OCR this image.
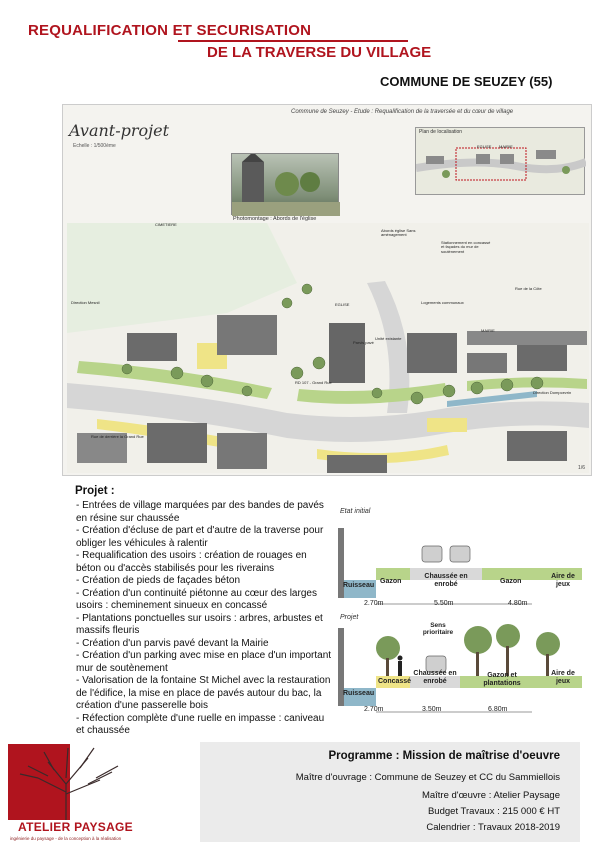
REQUALIFICATION ET SECURISATION
DE LA TRAVERSE DU VILLAGE
COMMUNE DE SEUZEY (55)
Commune de Seuzey - Etude : Requalification de la traversée et du cœur de village
Avant-projet
Echelle : 1/500ème
Photomontage : Abords de l'église
Plan de localisation
EGLISE MAIRIE
CIMETIERE
EGLISE
MAIRIE
RD 107 - Grand Rue
Rue de la Côte
Rue de derrière la Grand Rue
Direction Mesnil
Direction Dompcevrin
Parvis pavé
Logements communaux
Unité existante
Stationnement en concassé et façades du mur de soutènement
Abords église Sans aménagement
1/6
Projet :
- Entrées de village marquées par des bandes de pavés en résine sur chaussée
- Création d'écluse de part et d'autre de la traverse pour obliger les véhicules à ralentir
- Requalification des usoirs : création de rouages en béton ou d'accès stabilisés pour les riverains
- Création de pieds de façades béton
- Création d'un continuité piétonne au cœur des larges usoirs : cheminement sinueux en concassé
- Plantations ponctuelles sur usoirs : arbres, arbustes et massifs fleuris
- Création d'un parvis pavé devant la Mairie
- Création d'un parking avec mise en place d'un important mur de soutènement
- Valorisation de la fontaine St Michel avec la restauration de l'édifice, la mise en place de pavés autour du bac, la création d'une passerelle bois
- Réfection complète d'une ruelle en impasse : caniveau et chaussée
Etat initial
Ruisseau
Gazon
Chaussée en enrobé	Gazon
Aire de jeux
2.70m	5.50m	4.80m
Projet
Sens prioritaire
Ruisseau
Concassé
Chaussée en enrobé
Gazon et plantations
Aire de jeux
2.70m	3.50m	6.80m
Programme : Mission de maîtrise d'oeuvre
Maître d'ouvrage : Commune de Seuzey et CC du Sammiellois
Maître d'œuvre : Atelier Paysage
Budget Travaux : 215 000 € HT
Calendrier : Travaux 2018-2019
ATELIER PAYSAGE
ingénierie du paysage - de la conception à la réalisation
